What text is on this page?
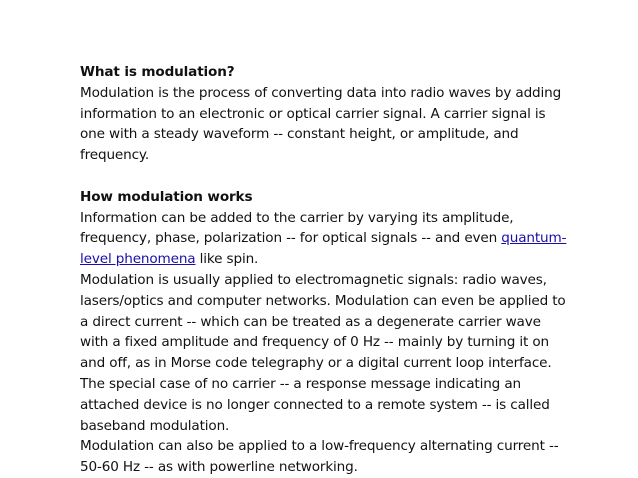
What is modulation?

Modulation is the process of converting data into radio waves by adding information to an electronic or optical carrier signal. A carrier signal is one with a steady waveform -- constant height, or amplitude, and frequency.

How modulation works

Information can be added to the carrier by varying its amplitude, frequency, phase, polarization -- for optical signals -- and even quantum-level phenomena like spin.

Modulation is usually applied to electromagnetic signals: radio waves, lasers/optics and computer networks. Modulation can even be applied to a direct current -- which can be treated as a degenerate carrier wave with a fixed amplitude and frequency of 0 Hz -- mainly by turning it on and off, as in Morse code telegraphy or a digital current loop interface. The special case of no carrier -- a response message indicating an attached device is no longer connected to a remote system -- is called baseband modulation.

Modulation can also be applied to a low-frequency alternating current -- 50-60 Hz -- as with powerline networking.
